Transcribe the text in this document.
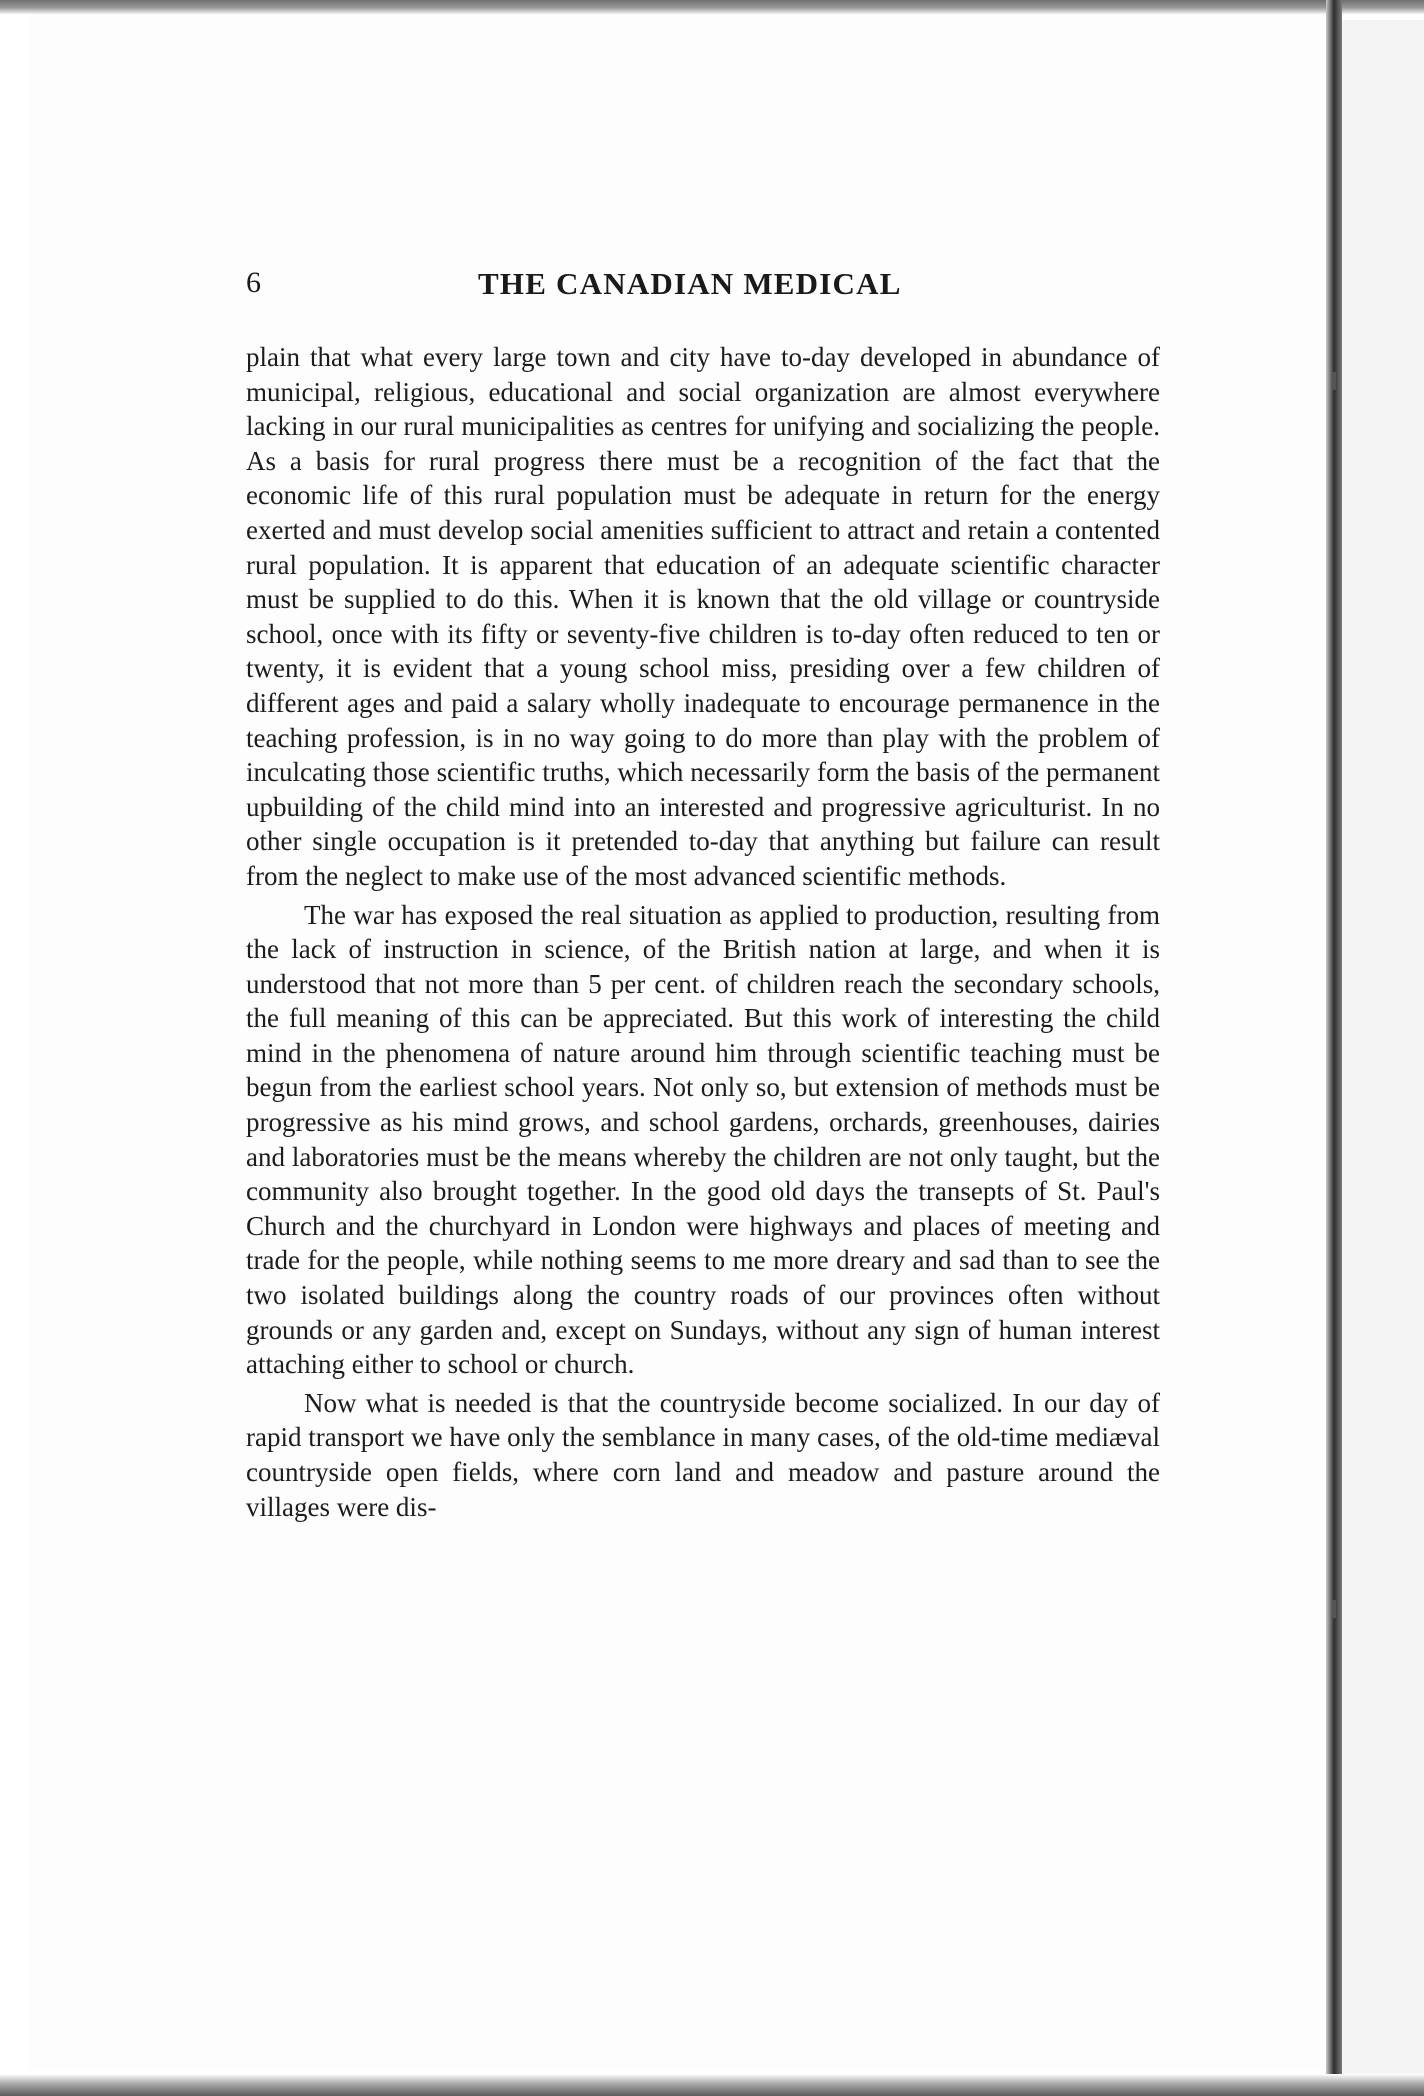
6	THE CANADIAN MEDICAL

plain that what every large town and city have to-day developed in abundance of municipal, religious, educational and social organization are almost everywhere lacking in our rural municipalities as centres for unifying and socializing the people. As a basis for rural progress there must be a recognition of the fact that the economic life of this rural population must be adequate in return for the energy exerted and must develop social amenities sufficient to attract and retain a contented rural population. It is apparent that education of an adequate scientific character must be supplied to do this. When it is known that the old village or countryside school, once with its fifty or seventy-five children is to-day often reduced to ten or twenty, it is evident that a young school miss, presiding over a few children of different ages and paid a salary wholly inadequate to encourage permanence in the teaching profession, is in no way going to do more than play with the problem of inculcating those scientific truths, which necessarily form the basis of the permanent upbuilding of the child mind into an interested and progressive agriculturist. In no other single occupation is it pretended to-day that anything but failure can result from the neglect to make use of the most advanced scientific methods.

The war has exposed the real situation as applied to production, resulting from the lack of instruction in science, of the British nation at large, and when it is understood that not more than 5 per cent. of children reach the secondary schools, the full meaning of this can be appreciated. But this work of interesting the child mind in the phenomena of nature around him through scientific teaching must be begun from the earliest school years. Not only so, but extension of methods must be progressive as his mind grows, and school gardens, orchards, greenhouses, dairies and laboratories must be the means whereby the children are not only taught, but the community also brought together. In the good old days the transepts of St. Paul's Church and the churchyard in London were highways and places of meeting and trade for the people, while nothing seems to me more dreary and sad than to see the two isolated buildings along the country roads of our provinces often without grounds or any garden and, except on Sundays, without any sign of human interest attaching either to school or church.

Now what is needed is that the countryside become socialized. In our day of rapid transport we have only the semblance in many cases, of the old-time mediæval countryside open fields, where corn land and meadow and pasture around the villages were dis-
